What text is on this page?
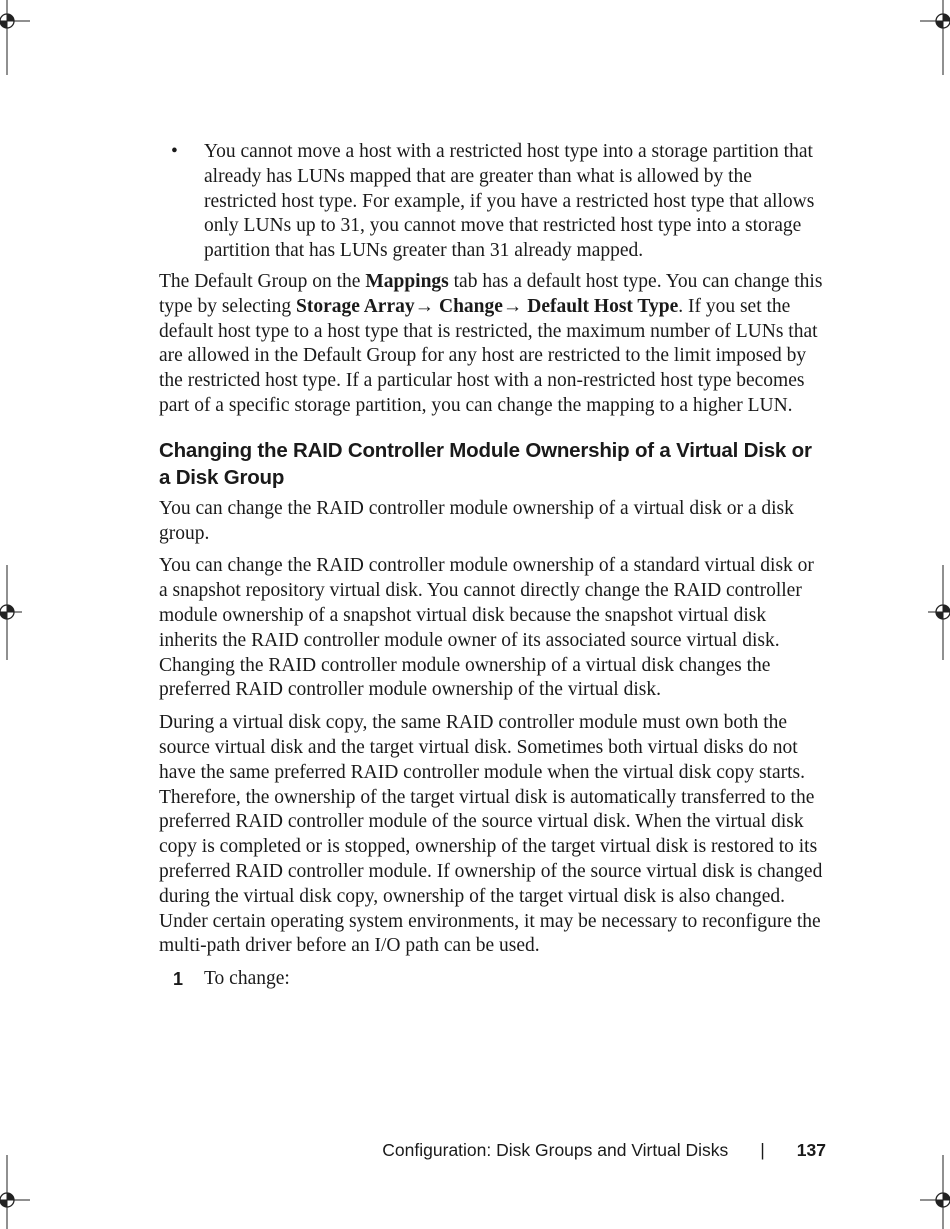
• You cannot move a host with a restricted host type into a storage partition that already has LUNs mapped that are greater than what is allowed by the restricted host type. For example, if you have a restricted host type that allows only LUNs up to 31, you cannot move that restricted host type into a storage partition that has LUNs greater than 31 already mapped.

The Default Group on the Mappings tab has a default host type. You can change this type by selecting Storage Array→ Change→ Default Host Type. If you set the default host type to a host type that is restricted, the maximum number of LUNs that are allowed in the Default Group for any host are restricted to the limit imposed by the restricted host type. If a particular host with a non-restricted host type becomes part of a specific storage partition, you can change the mapping to a higher LUN.

Changing the RAID Controller Module Ownership of a Virtual Disk or a Disk Group

You can change the RAID controller module ownership of a virtual disk or a disk group.

You can change the RAID controller module ownership of a standard virtual disk or a snapshot repository virtual disk. You cannot directly change the RAID controller module ownership of a snapshot virtual disk because the snapshot virtual disk inherits the RAID controller module owner of its associated source virtual disk. Changing the RAID controller module ownership of a virtual disk changes the preferred RAID controller module ownership of the virtual disk.

During a virtual disk copy, the same RAID controller module must own both the source virtual disk and the target virtual disk. Sometimes both virtual disks do not have the same preferred RAID controller module when the virtual disk copy starts. Therefore, the ownership of the target virtual disk is automatically transferred to the preferred RAID controller module of the source virtual disk. When the virtual disk copy is completed or is stopped, ownership of the target virtual disk is restored to its preferred RAID controller module. If ownership of the source virtual disk is changed during the virtual disk copy, ownership of the target virtual disk is also changed. Under certain operating system environments, it may be necessary to reconfigure the multi-path driver before an I/O path can be used.

1 To change:
Configuration: Disk Groups and Virtual Disks | 137
